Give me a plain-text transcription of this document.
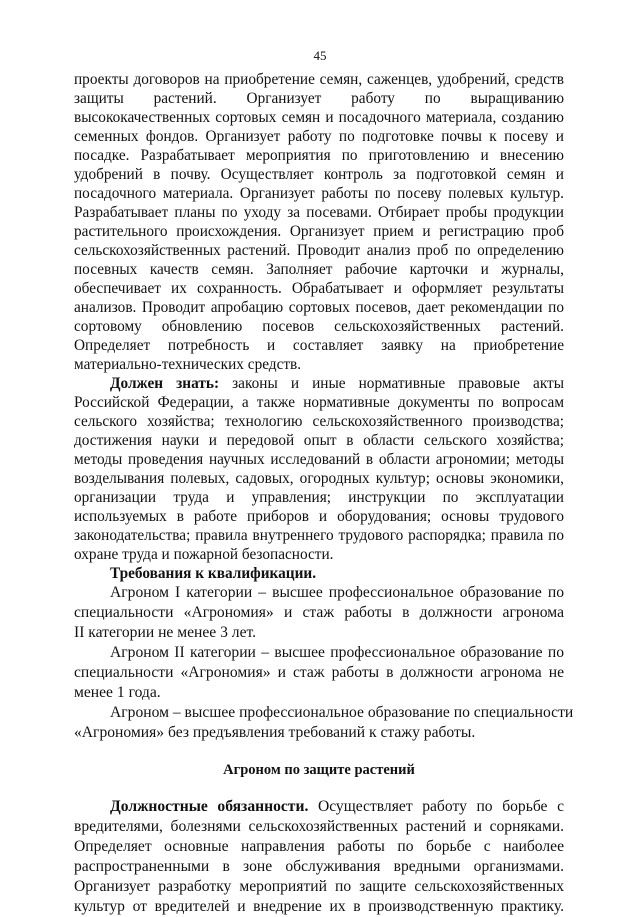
45
проекты договоров на приобретение семян, саженцев, удобрений, средств
защиты растений. Организует работу по выращиванию
высококачественных сортовых семян и посадочного материала, созданию
семенных фондов. Организует работу по подготовке почвы к посеву и
посадке. Разрабатывает мероприятия по приготовлению и внесению
удобрений в почву. Осуществляет контроль за подготовкой семян и
посадочного материала. Организует работы по посеву полевых культур.
Разрабатывает планы по уходу за посевами. Отбирает пробы продукции
растительного происхождения. Организует прием и регистрацию проб
сельскохозяйственных растений. Проводит анализ проб по определению
посевных качеств семян. Заполняет рабочие карточки и журналы,
обеспечивает их сохранность. Обрабатывает и оформляет результаты
анализов. Проводит апробацию сортовых посевов, дает рекомендации по
сортовому обновлению посевов сельскохозяйственных растений.
Определяет потребность и составляет заявку на приобретение
материально-технических средств.
Должен знать: законы и иные нормативные правовые акты
Российской Федерации, а также нормативные документы по вопросам
сельского хозяйства; технологию сельскохозяйственного производства;
достижения науки и передовой опыт в области сельского хозяйства;
методы проведения научных исследований в области агрономии; методы
возделывания полевых, садовых, огородных культур; основы экономики,
организации труда и управления; инструкции по эксплуатации
используемых в работе приборов и оборудования; основы трудового
законодательства; правила внутреннего трудового распорядка; правила по
охране труда и пожарной безопасности.
Требования к квалификации.
Агроном I категории – высшее профессиональное образование по
специальности «Агрономия» и стаж работы в должности агронома
II категории не менее 3 лет.
Агроном II категории – высшее профессиональное образование по
специальности «Агрономия» и стаж работы в должности агронома не
менее 1 года.
Агроном – высшее профессиональное образование по специальности
«Агрономия» без предъявления требований к стажу работы.
Агроном по защите растений
Должностные обязанности. Осуществляет работу по борьбе с
вредителями, болезнями сельскохозяйственных растений и сорняками.
Определяет основные направления работы по борьбе с наиболее
распространенными в зоне обслуживания вредными организмами.
Организует разработку мероприятий по защите сельскохозяйственных
культур от вредителей и внедрение их в производственную практику.
